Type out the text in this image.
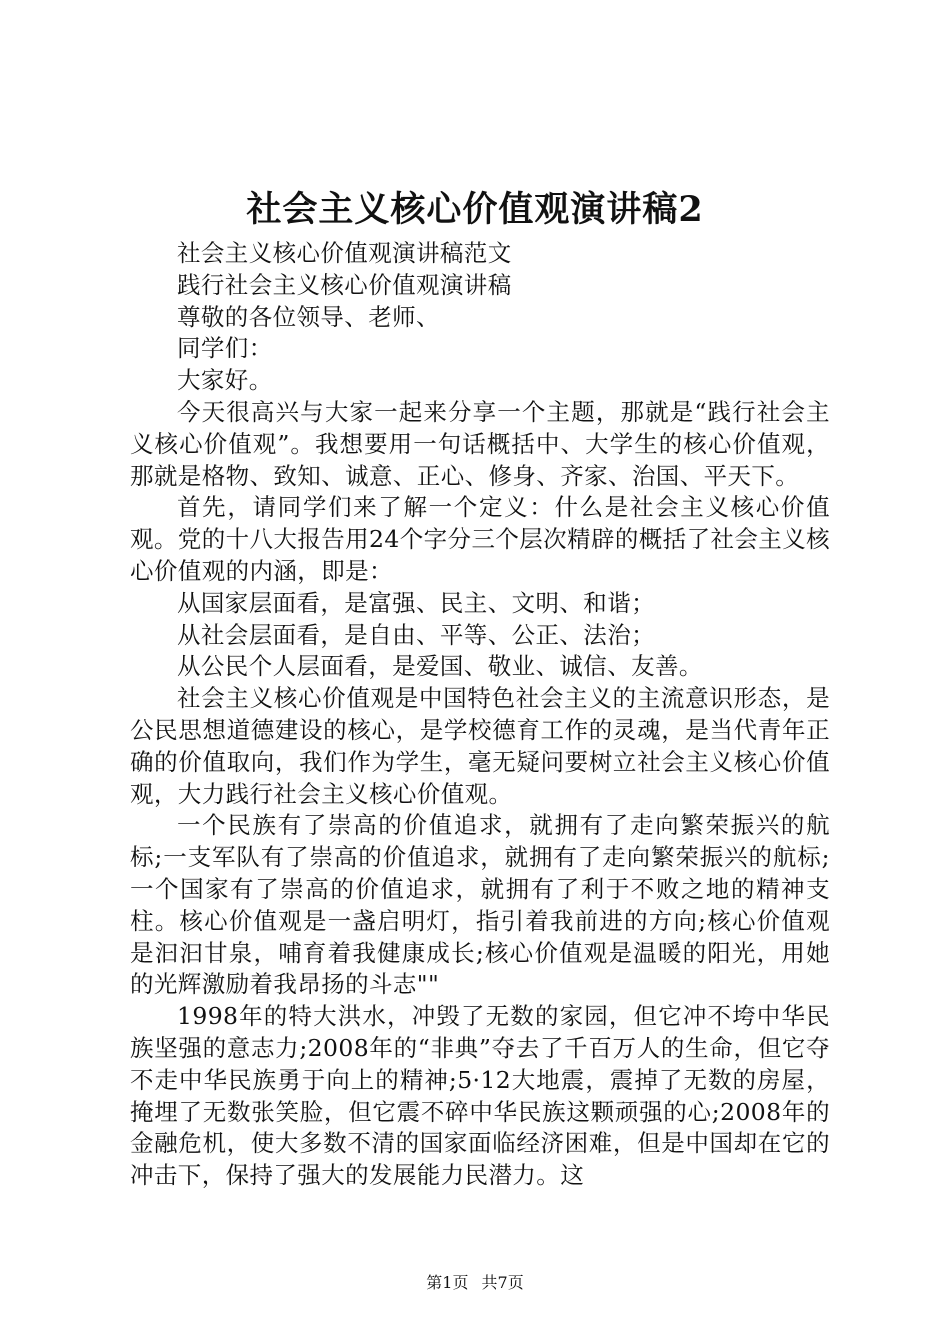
社会主义核心价值观演讲稿2

社会主义核心价值观演讲稿范文

践行社会主义核心价值观演讲稿

尊敬的各位领导、老师、

同学们：

大家好。

今天很高兴与大家一起来分享一个主题，那就是“践行社会主义核心价值观”。我想要用一句话概括中、大学生的核心价值观，那就是格物、致知、诚意、正心、修身、齐家、治国、平天下。

首先，请同学们来了解一个定义：什么是社会主义核心价值观。党的十八大报告用24个字分三个层次精辟的概括了社会主义核心价值观的内涵，即是：

从国家层面看，是富强、民主、文明、和谐；

从社会层面看，是自由、平等、公正、法治；

从公民个人层面看，是爱国、敬业、诚信、友善。

社会主义核心价值观是中国特色社会主义的主流意识形态，是公民思想道德建设的核心，是学校德育工作的灵魂，是当代青年正确的价值取向，我们作为学生，毫无疑问要树立社会主义核心价值观，大力践行社会主义核心价值观。

一个民族有了崇高的价值追求，就拥有了走向繁荣振兴的航标;一支军队有了崇高的价值追求，就拥有了走向繁荣振兴的航标;一个国家有了崇高的价值追求，就拥有了利于不败之地的精神支柱。核心价值观是一盏启明灯，指引着我前进的方向;核心价值观是汩汩甘泉，哺育着我健康成长;核心价值观是温暖的阳光，用她的光辉激励着我昂扬的斗志""

1998年的特大洪水，冲毁了无数的家园，但它冲不垮中华民族坚强的意志力;2008年的“非典”夺去了千百万人的生命，但它夺不走中华民族勇于向上的精神;5·12大地震，震掉了无数的房屋，掩埋了无数张笑脸，但它震不碎中华民族这颗顽强的心;2008年的金融危机，使大多数不清的国家面临经济困难，但是中国却在它的冲击下，保持了强大的发展能力民潜力。这

第1页 共7页
